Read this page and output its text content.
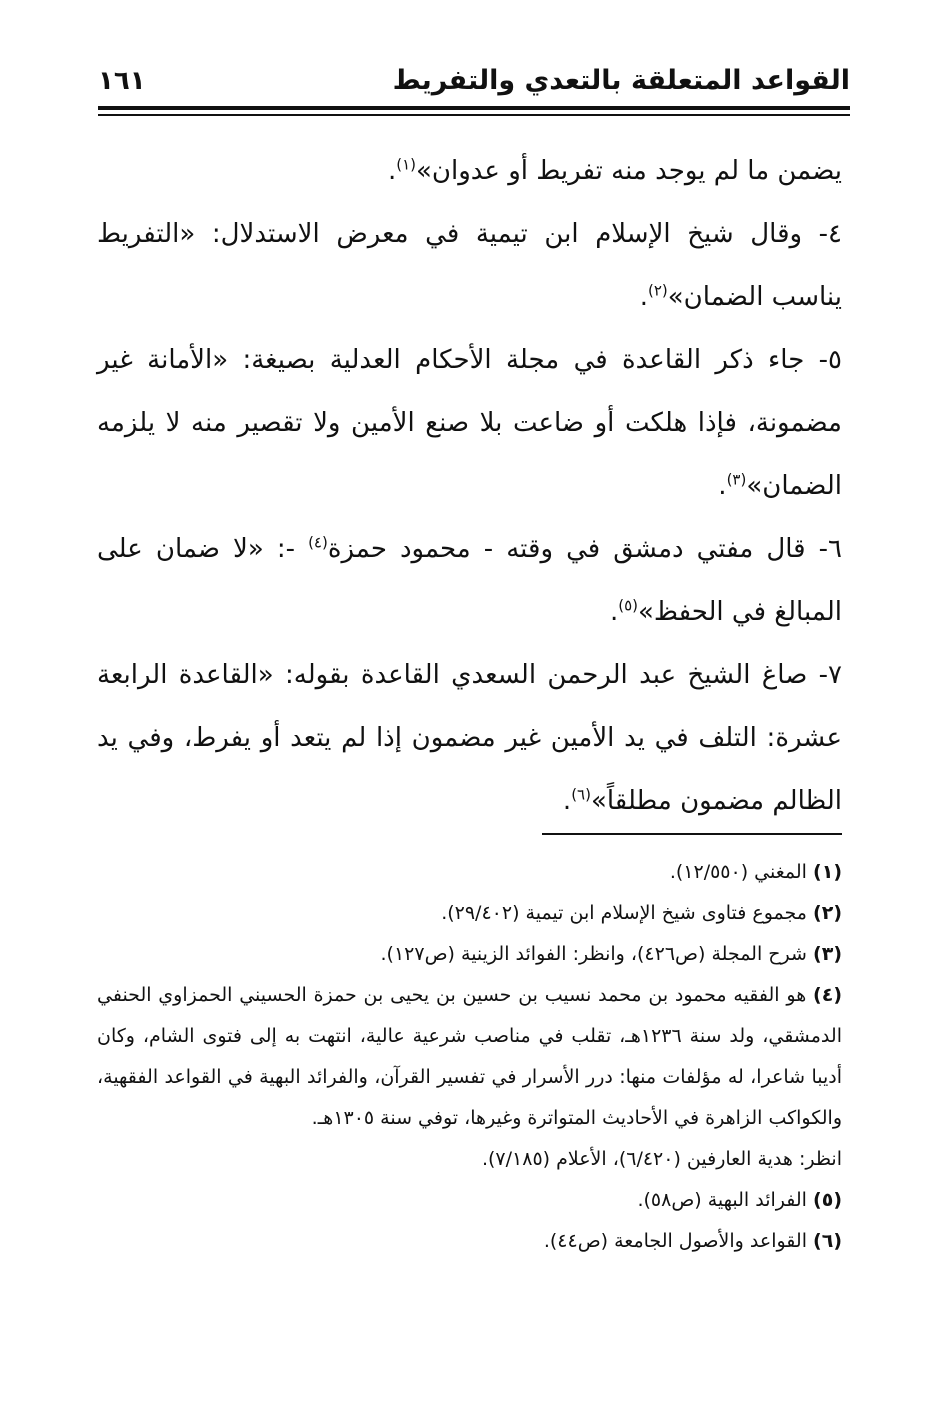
القواعد المتعلقة بالتعدي والتفريط
١٦١

يضمن ما لم يوجد منه تفريط أو عدوان»$^{(١)}$.

٤- وقال شيخ الإسلام ابن تيمية في معرض الاستدلال: «التفريط يناسب الضمان»$^{(٢)}$.

٥- جاء ذكر القاعدة في مجلة الأحكام العدلية بصيغة: «الأمانة غير مضمونة، فإذا هلكت أو ضاعت بلا صنع الأمين ولا تقصير منه لا يلزمه الضمان»$^{(٣)}$.

٦- قال مفتي دمشق في وقته - محمود حمزة$^{(٤)}$ -: «لا ضمان على المبالغ في الحفظ»$^{(٥)}$.

٧- صاغ الشيخ عبد الرحمن السعدي القاعدة بقوله: «القاعدة الرابعة عشرة: التلف في يد الأمين غير مضمون إذا لم يتعد أو يفرط، وفي يد الظالم مضمون مطلقاً»$^{(٦)}$.

(١) المغني (١٢/٥٥٠).

(٢) مجموع فتاوى شيخ الإسلام ابن تيمية (٢٩/٤٠٢).

(٣) شرح المجلة (ص٤٢٦)، وانظر: الفوائد الزينية (ص١٢٧).

(٤) هو الفقيه محمود بن محمد نسيب بن حسين بن يحيى بن حمزة الحسيني الحمزاوي الحنفي الدمشقي، ولد سنة ١٢٣٦هـ، تقلب في مناصب شرعية عالية، انتهت به إلى فتوى الشام، وكان أديبا شاعرا، له مؤلفات منها: درر الأسرار في تفسير القرآن، والفرائد البهية في القواعد الفقهية، والكواكب الزاهرة في الأحاديث المتواترة وغيرها، توفي سنة ١٣٠٥هـ.

انظر: هدية العارفين (٦/٤٢٠)، الأعلام (٧/١٨٥).

(٥) الفرائد البهية (ص٥٨).

(٦) القواعد والأصول الجامعة (ص٤٤).
